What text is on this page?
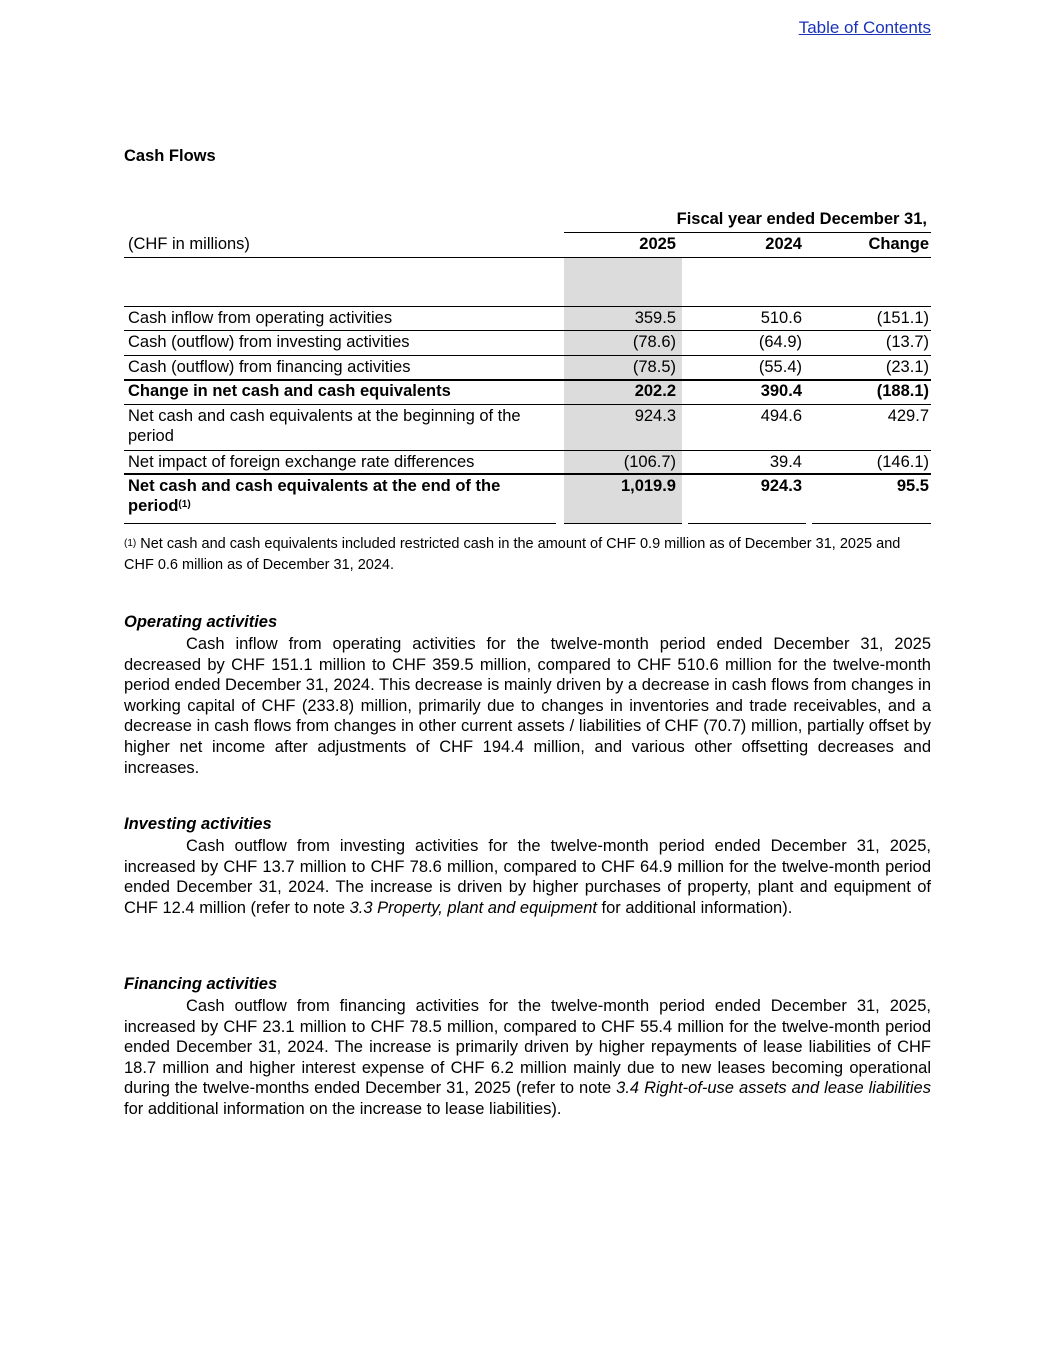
Table of Contents
Cash Flows
Fiscal year ended December 31,
(CHF in millions)	2025	2024	Change
Cash inflow from operating activities	359.5	510.6	(151.1)
Cash (outflow) from investing activities	(78.6)	(64.9)	(13.7)
Cash (outflow) from financing activities	(78.5)	(55.4)	(23.1)
Change in net cash and cash equivalents	202.2	390.4	(188.1)
Net cash and cash equivalents at the beginning of the
period
924.3	494.6	429.7
Net impact of foreign exchange rate differences	(106.7)	39.4	(146.1)
Net cash and cash equivalents at the end of the
period$^{(1)}$
1,019.9	924.3	95.5
$^{(1)}$ Net cash and cash equivalents included restricted cash in the amount of CHF 0.9 million as of December 31, 2025 and CHF 0.6 million as of December 31, 2024.

Operating activities

Cash inflow from operating activities for the twelve-month period ended December 31, 2025 decreased by CHF 151.1 million to CHF 359.5 million, compared to CHF 510.6 million for the twelve-month period ended December 31, 2024. This decrease is mainly driven by a decrease in cash flows from changes in working capital of CHF (233.8) million, primarily due to changes in inventories and trade receivables, and a decrease in cash flows from changes in other current assets / liabilities of CHF (70.7) million, partially offset by higher net income after adjustments of CHF 194.4 million, and various other offsetting decreases and increases.

Investing activities

Cash outflow from investing activities for the twelve-month period ended December 31, 2025, increased by CHF 13.7 million to CHF 78.6 million, compared to CHF 64.9 million for the twelve-month period ended December 31, 2024. The increase is driven by higher purchases of property, plant and equipment of CHF 12.4 million (refer to note 3.3 Property, plant and equipment for additional information).

Financing activities

Cash outflow from financing activities for the twelve-month period ended December 31, 2025, increased by CHF 23.1 million to CHF 78.5 million, compared to CHF 55.4 million for the twelve-month period ended December 31, 2024. The increase is primarily driven by higher repayments of lease liabilities of CHF 18.7 million and higher interest expense of CHF 6.2 million mainly due to new leases becoming operational during the twelve-months ended December 31, 2025 (refer to note 3.4 Right-of-use assets and lease liabilities for additional information on the increase to lease liabilities).
